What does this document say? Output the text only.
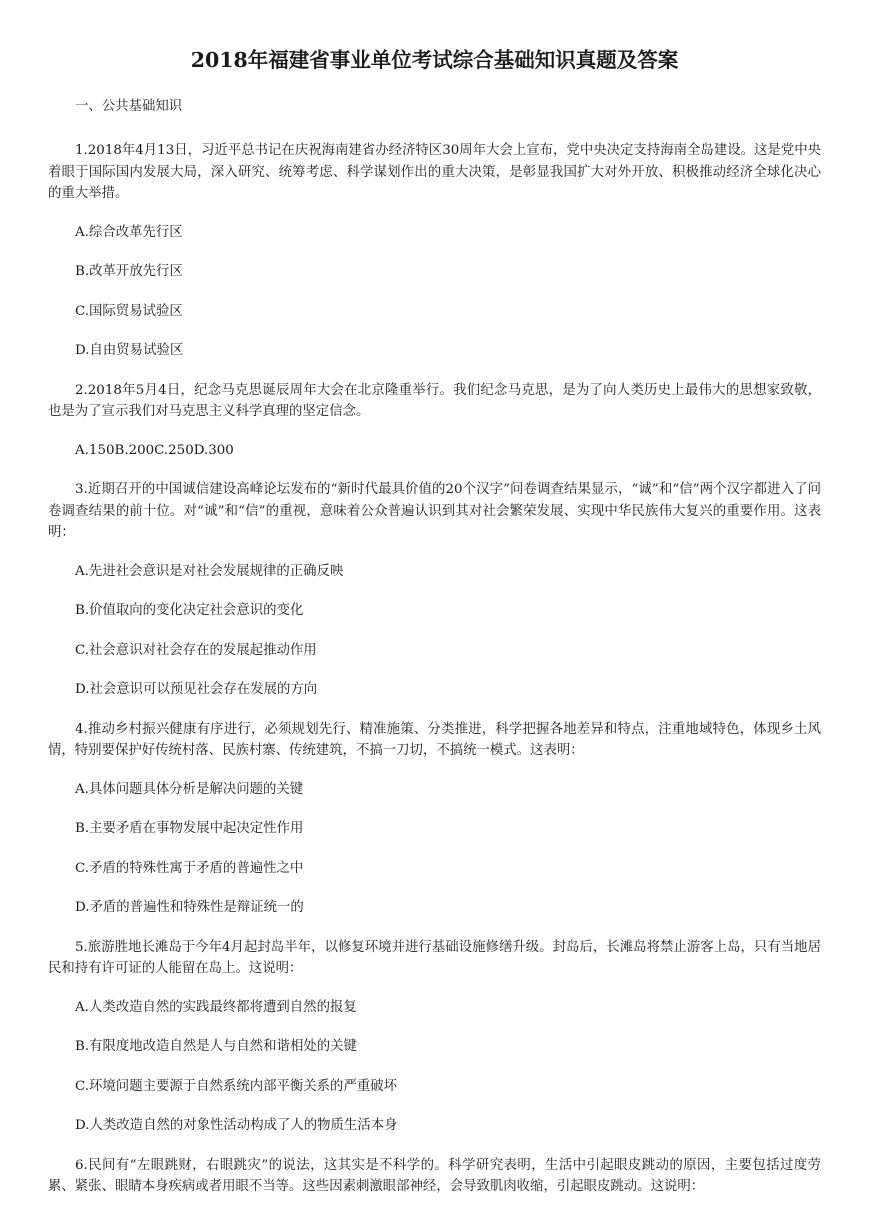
2018年福建省事业单位考试综合基础知识真题及答案

一、公共基础知识

1.2018年4月13日，习近平总书记在庆祝海南建省办经济特区30周年大会上宣布，党中央决定支持海南全岛建设。这是党中央着眼于国际国内发展大局，深入研究、统筹考虑、科学谋划作出的重大决策，是彰显我国扩大对外开放、积极推动经济全球化决心的重大举措。

A.综合改革先行区

B.改革开放先行区

C.国际贸易试验区

D.自由贸易试验区

2.2018年5月4日，纪念马克思诞辰周年大会在北京隆重举行。我们纪念马克思，是为了向人类历史上最伟大的思想家致敬，也是为了宣示我们对马克思主义科学真理的坚定信念。

A.150B.200C.250D.300

3.近期召开的中国诚信建设高峰论坛发布的“新时代最具价值的20个汉字”问卷调查结果显示，“诚”和“信”两个汉字都进入了问卷调查结果的前十位。对“诚”和“信”的重视，意味着公众普遍认识到其对社会繁荣发展、实现中华民族伟大复兴的重要作用。这表明：

A.先进社会意识是对社会发展规律的正确反映

B.价值取向的变化决定社会意识的变化

C.社会意识对社会存在的发展起推动作用

D.社会意识可以预见社会存在发展的方向

4.推动乡村振兴健康有序进行，必须规划先行、精准施策、分类推进，科学把握各地差异和特点，注重地域特色，体现乡土风情，特别要保护好传统村落、民族村寨、传统建筑，不搞一刀切，不搞统一模式。这表明：

A.具体问题具体分析是解决问题的关键

B.主要矛盾在事物发展中起决定性作用

C.矛盾的特殊性寓于矛盾的普遍性之中

D.矛盾的普遍性和特殊性是辩证统一的

5.旅游胜地长滩岛于今年4月起封岛半年，以修复环境并进行基础设施修缮升级。封岛后，长滩岛将禁止游客上岛，只有当地居民和持有许可证的人能留在岛上。这说明：

A.人类改造自然的实践最终都将遭到自然的报复

B.有限度地改造自然是人与自然和谐相处的关键

C.环境问题主要源于自然系统内部平衡关系的严重破坏

D.人类改造自然的对象性活动构成了人的物质生活本身

6.民间有“左眼跳财，右眼跳灾”的说法，这其实是不科学的。科学研究表明，生活中引起眼皮跳动的原因，主要包括过度劳累、紧张、眼睛本身疾病或者用眼不当等。这些因素刺激眼部神经，会导致肌肉收缩，引起眼皮跳动。这说明：
